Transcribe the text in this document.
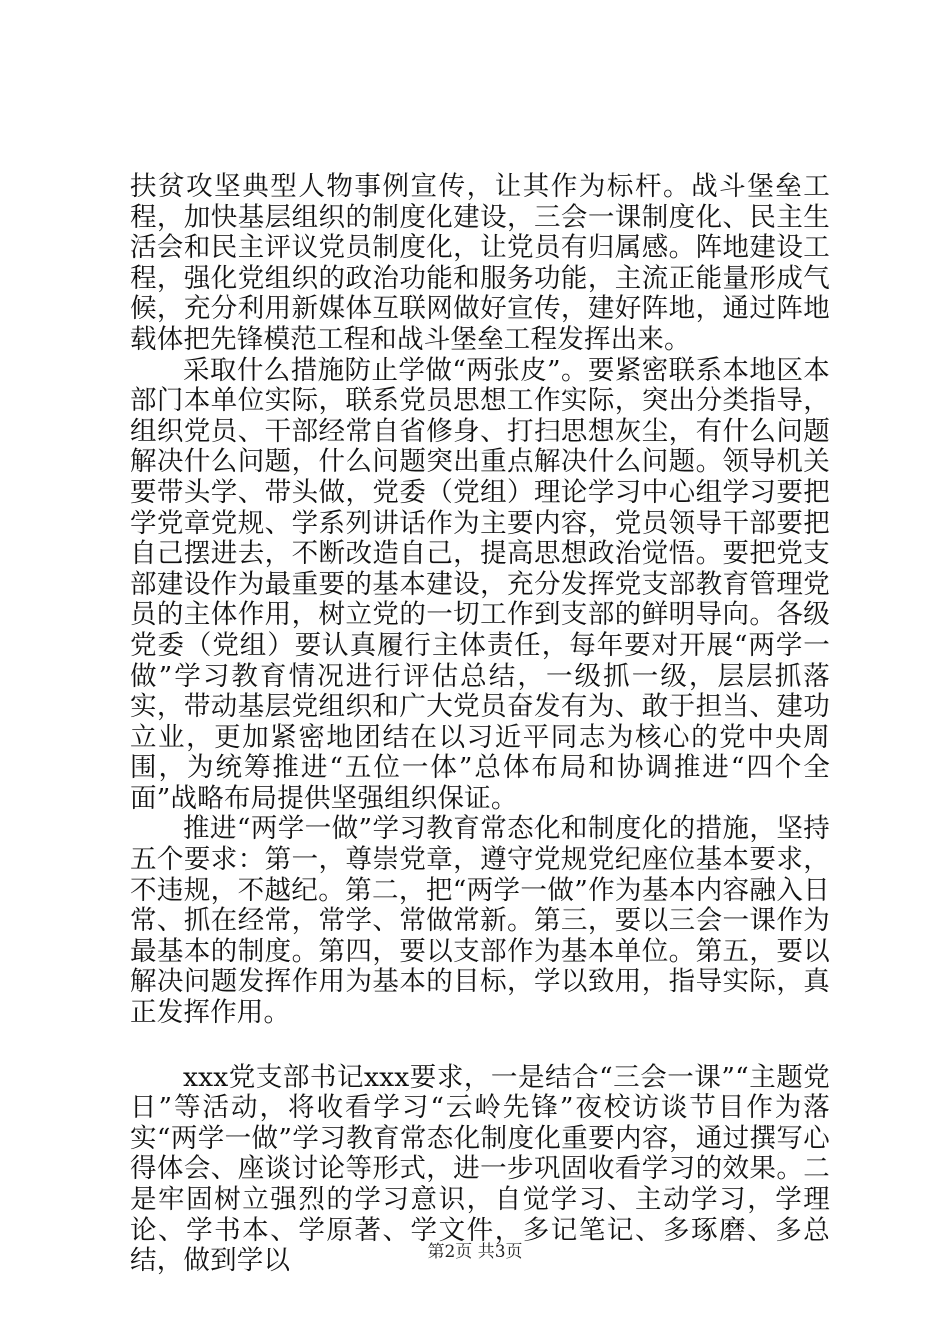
扶贫攻坚典型人物事例宣传，让其作为标杆。战斗堡垒工程，加快基层组织的制度化建设，三会一课制度化、民主生活会和民主评议党员制度化，让党员有归属感。阵地建设工程，强化党组织的政治功能和服务功能，主流正能量形成气候，充分利用新媒体互联网做好宣传，建好阵地，通过阵地载体把先锋模范工程和战斗堡垒工程发挥出来。

采取什么措施防止学做“两张皮”。要紧密联系本地区本部门本单位实际，联系党员思想工作实际，突出分类指导，组织党员、干部经常自省修身、打扫思想灰尘，有什么问题解决什么问题，什么问题突出重点解决什么问题。领导机关要带头学、带头做，党委（党组）理论学习中心组学习要把学党章党规、学系列讲话作为主要内容，党员领导干部要把自己摆进去，不断改造自己，提高思想政治觉悟。要把党支部建设作为最重要的基本建设，充分发挥党支部教育管理党员的主体作用，树立党的一切工作到支部的鲜明导向。各级党委（党组）要认真履行主体责任，每年要对开展“两学一做”学习教育情况进行评估总结，一级抓一级，层层抓落实，带动基层党组织和广大党员奋发有为、敢于担当、建功立业，更加紧密地团结在以习近平同志为核心的党中央周围，为统筹推进“五位一体”总体布局和协调推进“四个全面”战略布局提供坚强组织保证。

推进“两学一做”学习教育常态化和制度化的措施，坚持五个要求：第一，尊崇党章，遵守党规党纪座位基本要求，不违规，不越纪。第二，把“两学一做”作为基本内容融入日常、抓在经常，常学、常做常新。第三，要以三会一课作为最基本的制度。第四，要以支部作为基本单位。第五，要以解决问题发挥作用为基本的目标，学以致用，指导实际，真正发挥作用。

xxx党支部书记xxx要求，一是结合“三会一课”“主题党日”等活动，将收看学习“云岭先锋”夜校访谈节目作为落实“两学一做”学习教育常态化制度化重要内容，通过撰写心得体会、座谈讨论等形式，进一步巩固收看学习的效果。二是牢固树立强烈的学习意识，自觉学习、主动学习，学理论、学书本、学原著、学文件，多记笔记、多琢磨、多总结，做到学以	第2页 共3页
